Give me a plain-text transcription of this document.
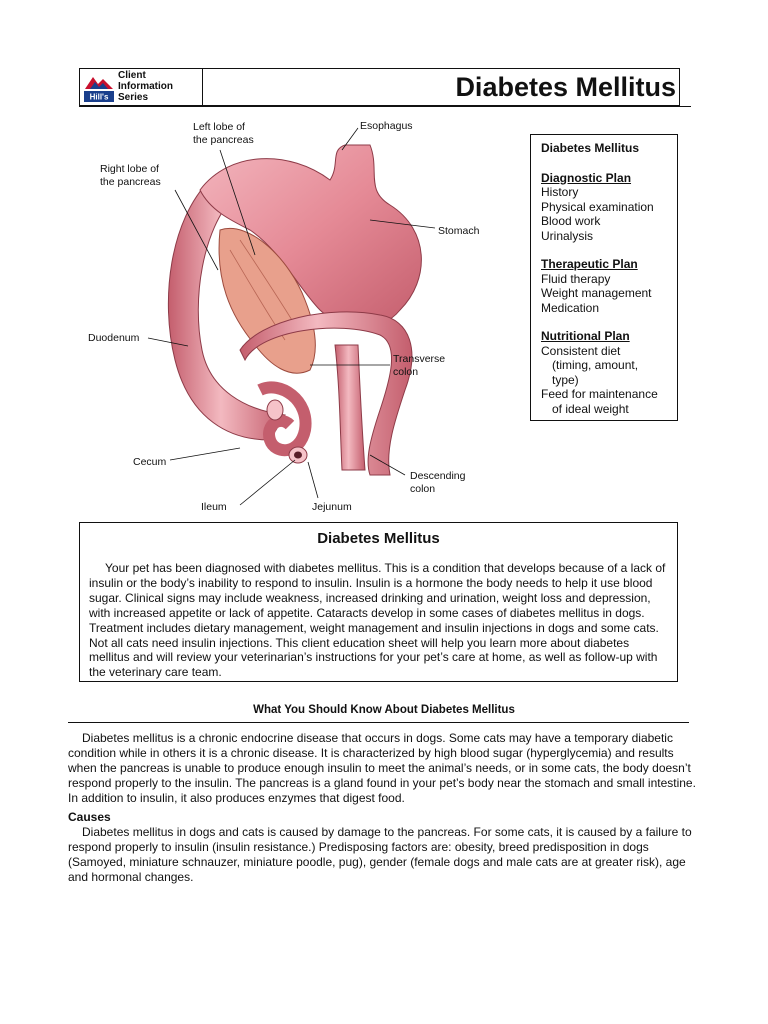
Hill's
Client
Information
Series	Diabetes Mellitus
Left lobe of
the pancreas
Esophagus
Right lobe of
the pancreas
Stomach
Duodenum
Transverse
colon
Cecum
Descending
colon
Ileum	Jejunum
Diabetes Mellitus
Diagnostic Plan
History
Physical examination
Blood work
Urinalysis
Therapeutic Plan
Fluid therapy
Weight management
Medication
Nutritional Plan
Consistent diet
(timing, amount,
type)
Feed for maintenance
of ideal weight
Diabetes Mellitus

Your pet has been diagnosed with diabetes mellitus. This is a condition that develops because of a lack of insulin or the body’s inability to respond to insulin. Insulin is a hormone the body needs to help it use blood sugar. Clinical signs may include weakness, increased drinking and urination, weight loss and depression, with increased appetite or lack of appetite. Cataracts develop in some cases of diabetes mellitus in dogs. Treatment includes dietary management, weight management and insulin injections in dogs and some cats. Not all cats need insulin injections. This client education sheet will help you learn more about diabetes mellitus and will review your veterinarian’s instructions for your pet’s care at home, as well as follow-up with the veterinary care team.

What You Should Know About Diabetes Mellitus

Diabetes mellitus is a chronic endocrine disease that occurs in dogs. Some cats may have a temporary diabetic condition while in others it is a chronic disease. It is characterized by high blood sugar (hyperglycemia) and results when the pancreas is unable to produce enough insulin to meet the animal’s needs, or in some cats, the body doesn’t respond properly to the insulin. The pancreas is a gland found in your pet’s body near the stomach and small intestine. In addition to insulin, it also produces enzymes that digest food.

Causes

Diabetes mellitus in dogs and cats is caused by damage to the pancreas. For some cats, it is caused by a failure to respond properly to insulin (insulin resistance.) Predisposing factors are: obesity, breed predisposition in dogs (Samoyed, miniature schnauzer, miniature poodle, pug), gender (female dogs and male cats are at greater risk), age and hormonal changes.
